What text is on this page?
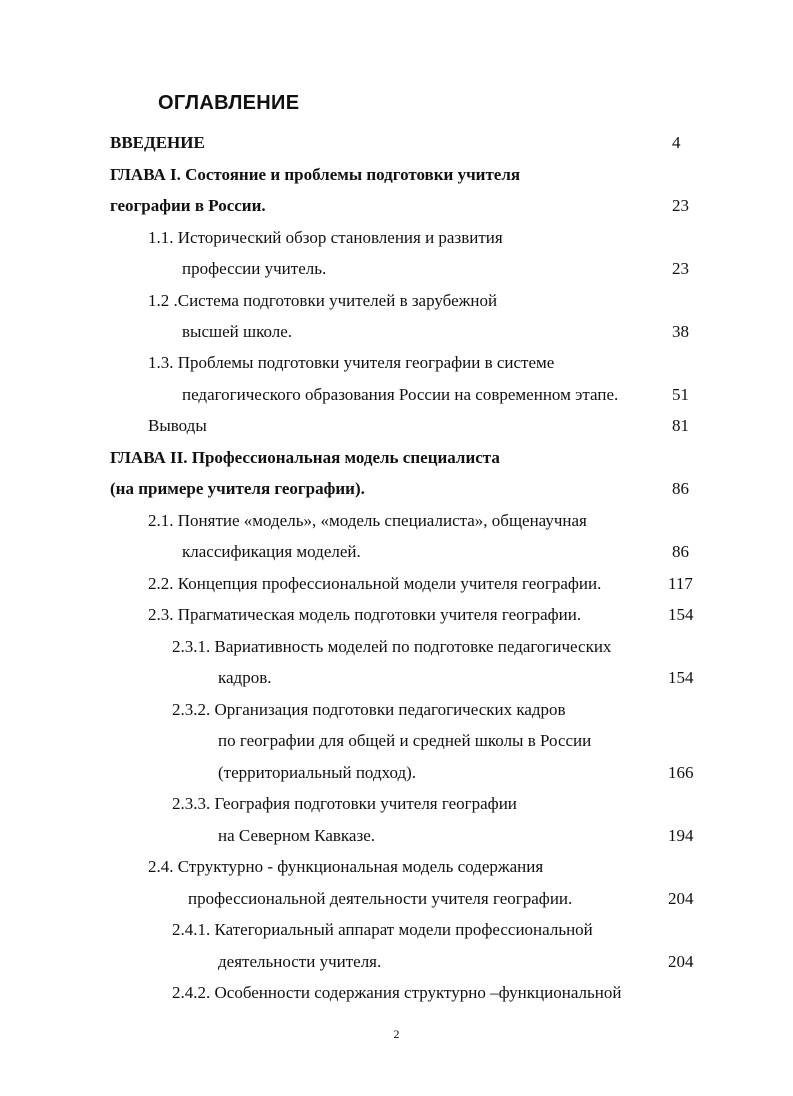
ОГЛАВЛЕНИЕ
ВВЕДЕНИЕ	4
ГЛАВА I. Состояние и проблемы подготовки учителя
географии в России.	23
1.1. Исторический обзор становления и развития
профессии учитель.	23
1.2 .Система подготовки учителей в зарубежной
высшей школе.	38
1.3. Проблемы подготовки учителя географии в системе
педагогического образования России на современном этапе.	51
Выводы	81
ГЛАВА II. Профессиональная модель специалиста
(на примере учителя географии).	86
2.1. Понятие «модель», «модель специалиста», общенаучная
классификация моделей.	86
2.2. Концепция профессиональной модели учителя географии.	117
2.3. Прагматическая модель подготовки учителя географии.	154
2.3.1. Вариативность моделей по подготовке педагогических
кадров.	154
2.3.2. Организация подготовки педагогических кадров
по географии для общей и средней школы в России
(территориальный подход).	166
2.3.3. География подготовки учителя географии
на Северном Кавказе.	194
2.4. Структурно - функциональная модель содержания
профессиональной деятельности учителя географии.	204
2.4.1. Категориальный аппарат модели профессиональной
деятельности учителя.	204
2.4.2. Особенности содержания структурно –функциональной
2
